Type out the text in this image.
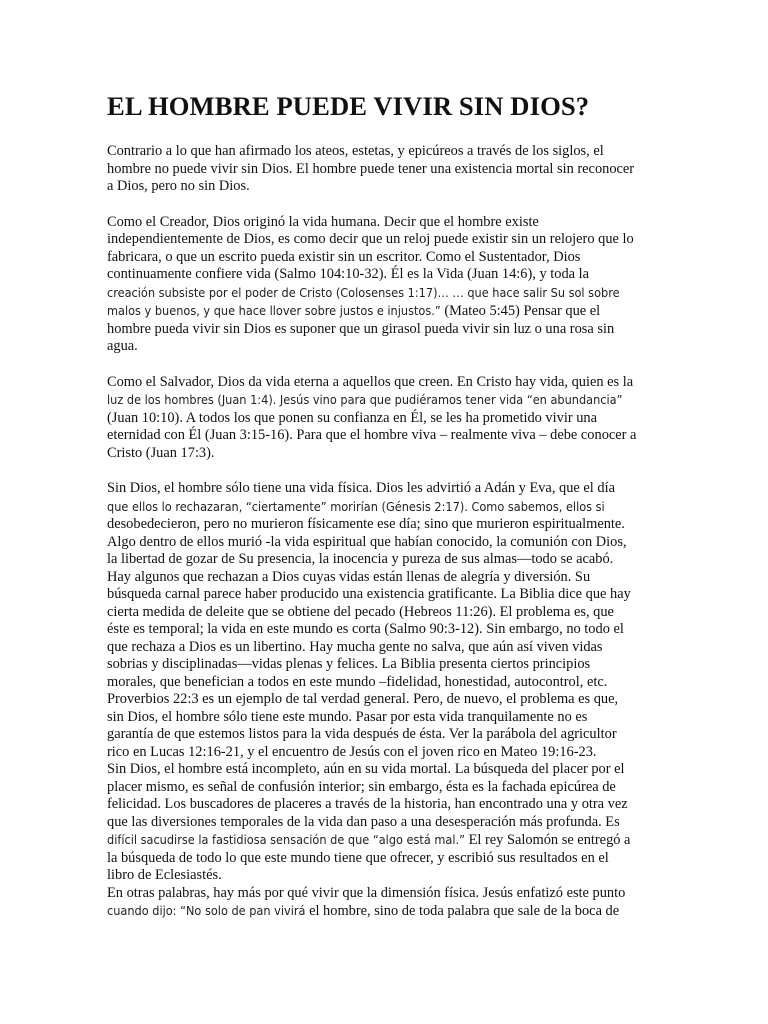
EL HOMBRE PUEDE VIVIR SIN DIOS?
Contrario a lo que han afirmado los ateos, estetas, y epicúreos a través de los siglos, el
hombre no puede vivir sin Dios. El hombre puede tener una existencia mortal sin reconocer
a Dios, pero no sin Dios.
Como el Creador, Dios originó la vida humana. Decir que el hombre existe
independientemente de Dios, es como decir que un reloj puede existir sin un relojero que lo
fabricara, o que un escrito pueda existir sin un escritor. Como el Sustentador, Dios
continuamente confiere vida (Salmo 104:10-32). Él es la Vida (Juan 14:6), y toda la
creación subsiste por el poder de Cristo (Colosenses 1:17)… … que hace salir Su sol sobre
malos y buenos, y que hace llover sobre justos e injustos.” (Mateo 5:45) Pensar que el
hombre pueda vivir sin Dios es suponer que un girasol pueda vivir sin luz o una rosa sin
agua.
Como el Salvador, Dios da vida eterna a aquellos que creen. En Cristo hay vida, quien es la
luz de los hombres (Juan 1:4). Jesús vino para que pudiéramos tener vida “en abundancia”
(Juan 10:10). A todos los que ponen su confianza en Él, se les ha prometido vivir una
eternidad con Él (Juan 3:15-16). Para que el hombre viva – realmente viva – debe conocer a
Cristo (Juan 17:3).
Sin Dios, el hombre sólo tiene una vida física. Dios les advirtió a Adán y Eva, que el día
que ellos lo rechazaran, “ciertamente” morirían (Génesis 2:17). Como sabemos, ellos si
desobedecieron, pero no murieron físicamente ese día; sino que murieron espiritualmente.
Algo dentro de ellos murió -la vida espiritual que habían conocido, la comunión con Dios,
la libertad de gozar de Su presencia, la inocencia y pureza de sus almas—todo se acabó.
Hay algunos que rechazan a Dios cuyas vidas están llenas de alegría y diversión. Su
búsqueda carnal parece haber producido una existencia gratificante. La Biblia dice que hay
cierta medida de deleite que se obtiene del pecado (Hebreos 11:26). El problema es, que
éste es temporal; la vida en este mundo es corta (Salmo 90:3-12). Sin embargo, no todo el
que rechaza a Dios es un libertino. Hay mucha gente no salva, que aún así viven vidas
sobrias y disciplinadas—vidas plenas y felices. La Biblia presenta ciertos principios
morales, que benefician a todos en este mundo –fidelidad, honestidad, autocontrol, etc.
Proverbios 22:3 es un ejemplo de tal verdad general. Pero, de nuevo, el problema es que,
sin Dios, el hombre sólo tiene este mundo. Pasar por esta vida tranquilamente no es
garantía de que estemos listos para la vida después de ésta. Ver la parábola del agricultor
rico en Lucas 12:16-21, y el encuentro de Jesús con el joven rico en Mateo 19:16-23.
Sin Dios, el hombre está incompleto, aún en su vida mortal. La búsqueda del placer por el
placer mismo, es señal de confusión interior; sin embargo, ésta es la fachada epicúrea de
felicidad. Los buscadores de placeres a través de la historia, han encontrado una y otra vez
que las diversiones temporales de la vida dan paso a una desesperación más profunda. Es
difícil sacudirse la fastidiosa sensación de que “algo está mal.” El rey Salomón se entregó a
la búsqueda de todo lo que este mundo tiene que ofrecer, y escribió sus resultados en el
libro de Eclesiastés.
En otras palabras, hay más por qué vivir que la dimensión física. Jesús enfatizó este punto
cuando dijo: “No solo de pan vivirá el hombre, sino de toda palabra que sale de la boca de
